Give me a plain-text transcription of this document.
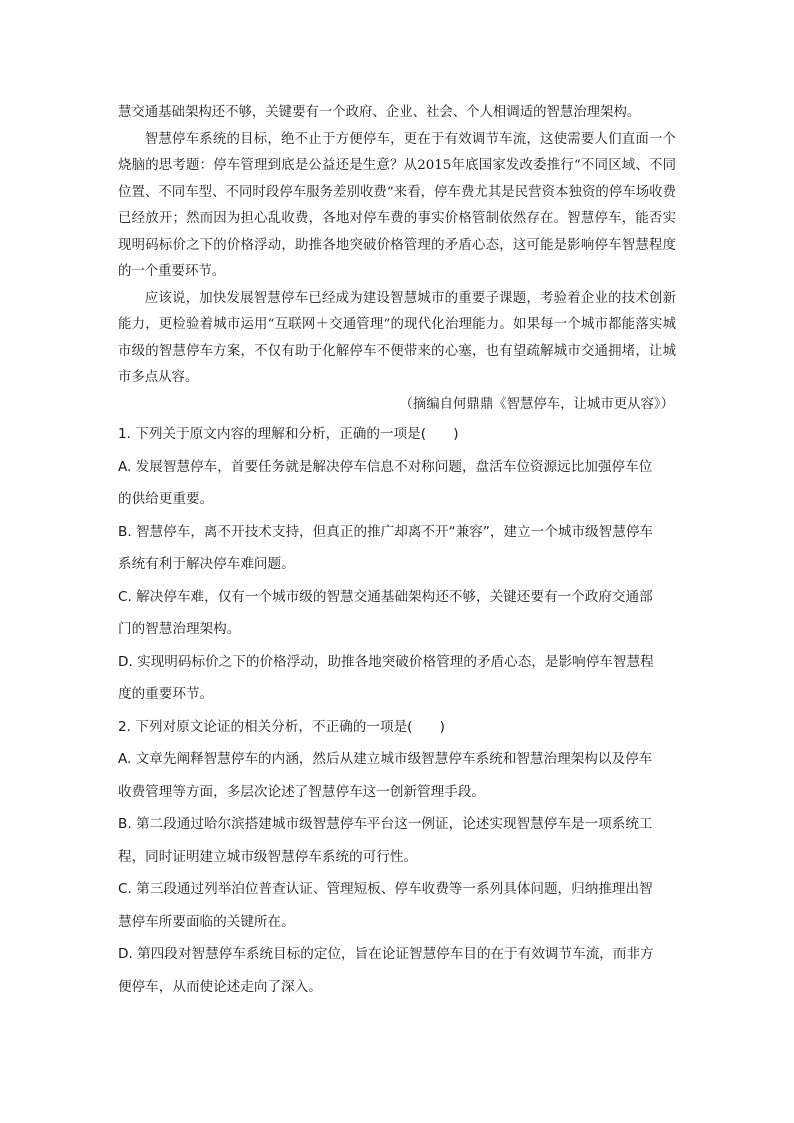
慧交通基础架构还不够，关键要有一个政府、企业、社会、个人相调适的智慧治理架构。

智慧停车系统的目标，绝不止于方便停车，更在于有效调节车流，这使需要人们直面一个烧脑的思考题：停车管理到底是公益还是生意？从2015年底国家发改委推行“不同区域、不同位置、不同车型、不同时段停车服务差别收费”来看，停车费尤其是民营资本独资的停车场收费已经放开；然而因为担心乱收费，各地对停车费的事实价格管制依然存在。智慧停车，能否实现明码标价之下的价格浮动，助推各地突破价格管理的矛盾心态，这可能是影响停车智慧程度的一个重要环节。

应该说，加快发展智慧停车已经成为建设智慧城市的重要子课题，考验着企业的技术创新能力，更检验着城市运用“互联网＋交通管理”的现代化治理能力。如果每一个城市都能落实城市级的智慧停车方案，不仅有助于化解停车不便带来的心塞，也有望疏解城市交通拥堵，让城市多点从容。

（摘编自何鼎鼎《智慧停车，让城市更从容》）

1. 下列关于原文内容的理解和分析，正确的一项是(　　)

A. 发展智慧停车，首要任务就是解决停车信息不对称问题，盘活车位资源远比加强停车位

的供给更重要。

B. 智慧停车，离不开技术支持，但真正的推广却离不开“兼容”，建立一个城市级智慧停车

系统有利于解决停车难问题。

C. 解决停车难，仅有一个城市级的智慧交通基础架构还不够，关键还要有一个政府交通部

门的智慧治理架构。

D. 实现明码标价之下的价格浮动，助推各地突破价格管理的矛盾心态，是影响停车智慧程

度的重要环节。

2. 下列对原文论证的相关分析，不正确的一项是(　　)

A. 文章先阐释智慧停车的内涵，然后从建立城市级智慧停车系统和智慧治理架构以及停车

收费管理等方面，多层次论述了智慧停车这一创新管理手段。

B. 第二段通过哈尔滨搭建城市级智慧停车平台这一例证，论述实现智慧停车是一项系统工

程，同时证明建立城市级智慧停车系统的可行性。

C. 第三段通过列举泊位普查认证、管理短板、停车收费等一系列具体问题，归纳推理出智

慧停车所要面临的关键所在。

D. 第四段对智慧停车系统目标的定位，旨在论证智慧停车目的在于有效调节车流，而非方

便停车，从而使论述走向了深入。
